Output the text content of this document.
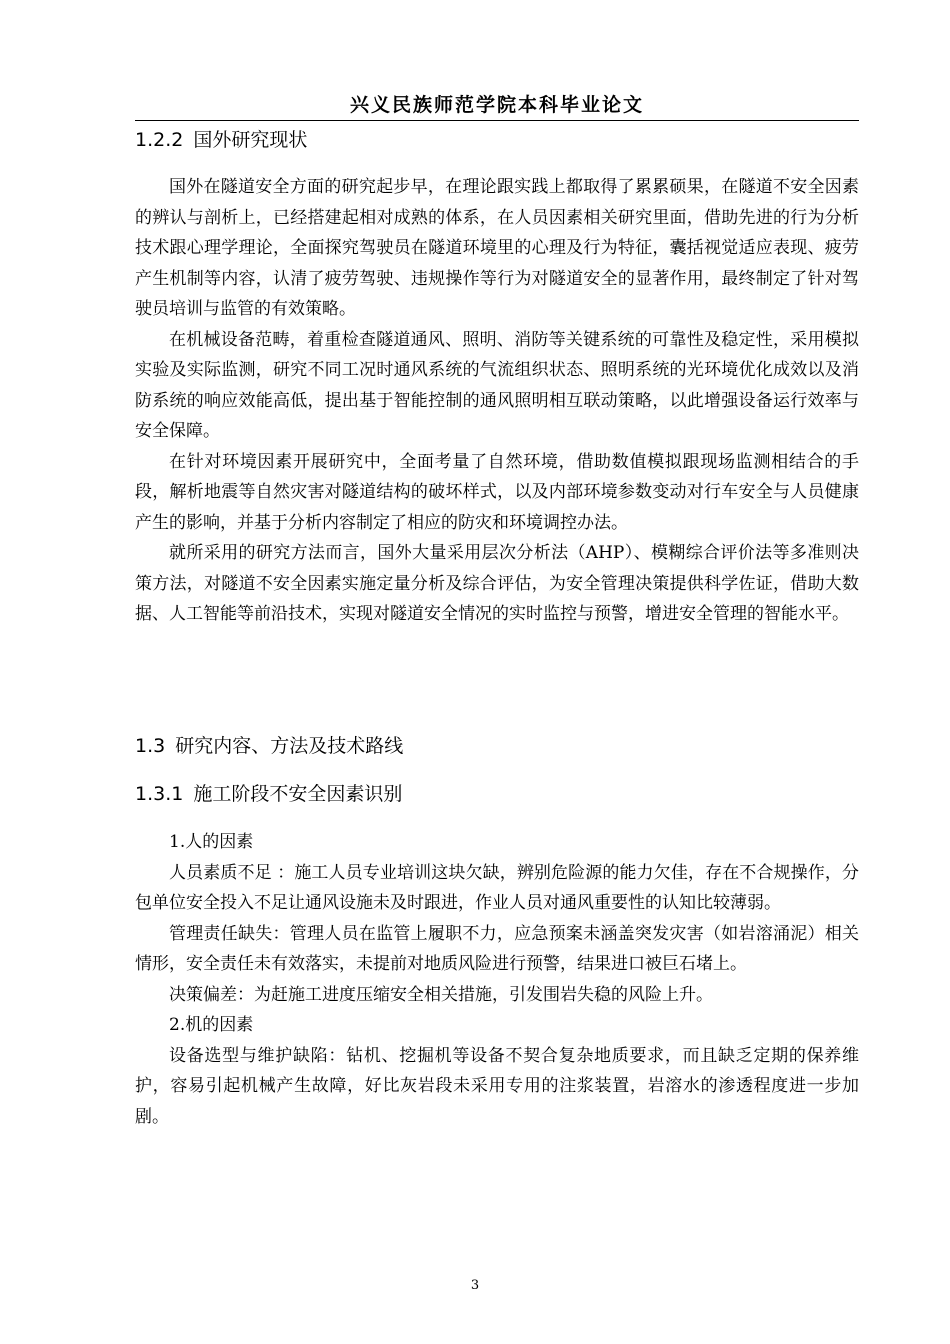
兴义民族师范学院本科毕业论文
1.2.2 国外研究现状

国外在隧道安全方面的研究起步早，在理论跟实践上都取得了累累硕果，在隧道不安全因素的辨认与剖析上，已经搭建起相对成熟的体系，在人员因素相关研究里面，借助先进的行为分析技术跟心理学理论，全面探究驾驶员在隧道环境里的心理及行为特征，囊括视觉适应表现、疲劳产生机制等内容，认清了疲劳驾驶、违规操作等行为对隧道安全的显著作用，最终制定了针对驾驶员培训与监管的有效策略。

在机械设备范畴，着重检查隧道通风、照明、消防等关键系统的可靠性及稳定性，采用模拟实验及实际监测，研究不同工况时通风系统的气流组织状态、照明系统的光环境优化成效以及消防系统的响应效能高低，提出基于智能控制的通风照明相互联动策略，以此增强设备运行效率与安全保障。

在针对环境因素开展研究中，全面考量了自然环境，借助数值模拟跟现场监测相结合的手段，解析地震等自然灾害对隧道结构的破坏样式，以及内部环境参数变动对行车安全与人员健康产生的影响，并基于分析内容制定了相应的防灾和环境调控办法。

就所采用的研究方法而言，国外大量采用层次分析法（AHP）、模糊综合评价法等多准则决策方法，对隧道不安全因素实施定量分析及综合评估，为安全管理决策提供科学佐证，借助大数据、人工智能等前沿技术，实现对隧道安全情况的实时监控与预警，增进安全管理的智能水平。

1.3 研究内容、方法及技术路线
1.3.1 施工阶段不安全因素识别

1.人的因素

人员素质不足 ：施工人员专业培训这块欠缺，辨别危险源的能力欠佳，存在不合规操作，分包单位安全投入不足让通风设施未及时跟进，作业人员对通风重要性的认知比较薄弱。

管理责任缺失：管理人员在监管上履职不力，应急预案未涵盖突发灾害（如岩溶涌泥）相关情形，安全责任未有效落实，未提前对地质风险进行预警，结果进口被巨石堵上。

决策偏差：为赶施工进度压缩安全相关措施，引发围岩失稳的风险上升。

2.机的因素

设备选型与维护缺陷：钻机、挖掘机等设备不契合复杂地质要求，而且缺乏定期的保养维护，容易引起机械产生故障，好比灰岩段未采用专用的注浆装置，岩溶水的渗透程度进一步加剧。

3
